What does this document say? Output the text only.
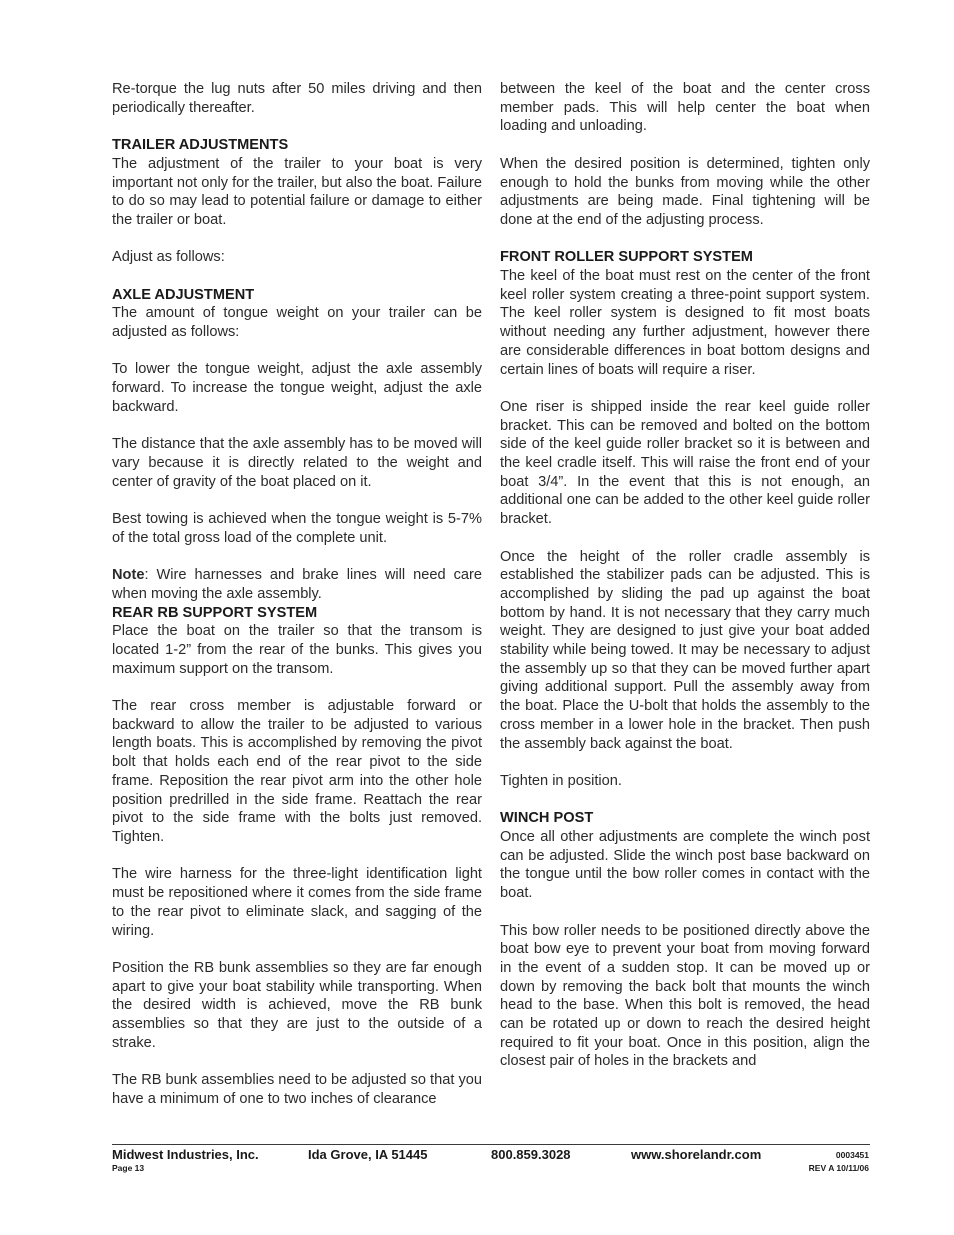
Re-torque the lug nuts after 50 miles driving and then periodically thereafter.

TRAILER ADJUSTMENTS

The adjustment of the trailer to your boat is very important not only for the trailer, but also the boat. Failure to do so may lead to potential failure or damage to either the trailer or boat.

Adjust as follows:

AXLE ADJUSTMENT

The amount of tongue weight on your trailer can be adjusted as follows:

To lower the tongue weight, adjust the axle assembly forward. To increase the tongue weight, adjust the axle backward.

The distance that the axle assembly has to be moved will vary because it is directly related to the weight and center of gravity of the boat placed on it.

Best towing is achieved when the tongue weight is 5-7% of the total gross load of the complete unit.

Note: Wire harnesses and brake lines will need care when moving the axle assembly.

REAR RB SUPPORT SYSTEM

Place the boat on the trailer so that the transom is located 1-2” from the rear of the bunks. This gives you maximum support on the transom.

The rear cross member is adjustable forward or backward to allow the trailer to be adjusted to various length boats. This is accomplished by removing the pivot bolt that holds each end of the rear pivot to the side frame. Reposition the rear pivot arm into the other hole position predrilled in the side frame. Reattach the rear pivot to the side frame with the bolts just removed. Tighten.

The wire harness for the three-light identification light must be repositioned where it comes from the side frame to the rear pivot to eliminate slack, and sagging of the wiring.

Position the RB bunk assemblies so they are far enough apart to give your boat stability while transporting. When the desired width is achieved, move the RB bunk assemblies so that they are just to the outside of a strake.

The RB bunk assemblies need to be adjusted so that you have a minimum of one to two inches of clearance

between the keel of the boat and the center cross member pads. This will help center the boat when loading and unloading.

When the desired position is determined, tighten only enough to hold the bunks from moving while the other adjustments are being made. Final tightening will be done at the end of the adjusting process.

FRONT ROLLER SUPPORT SYSTEM

The keel of the boat must rest on the center of the front keel roller system creating a three-point support system. The keel roller system is designed to fit most boats without needing any further adjustment, however there are considerable differences in boat bottom designs and certain lines of boats will require a riser.

One riser is shipped inside the rear keel guide roller bracket. This can be removed and bolted on the bottom side of the keel guide roller bracket so it is between and the keel cradle itself. This will raise the front end of your boat 3/4”. In the event that this is not enough, an additional one can be added to the other keel guide roller bracket.

Once the height of the roller cradle assembly is established the stabilizer pads can be adjusted. This is accomplished by sliding the pad up against the boat bottom by hand. It is not necessary that they carry much weight. They are designed to just give your boat added stability while being towed. It may be necessary to adjust the assembly up so that they can be moved further apart giving additional support. Pull the assembly away from the boat. Place the U-bolt that holds the assembly to the cross member in a lower hole in the bracket. Then push the assembly back against the boat.

Tighten in position.

WINCH POST

Once all other adjustments are complete the winch post can be adjusted. Slide the winch post base backward on the tongue until the bow roller comes in contact with the boat.

This bow roller needs to be positioned directly above the boat bow eye to prevent your boat from moving forward in the event of a sudden stop. It can be moved up or down by removing the back bolt that mounts the winch head to the base. When this bolt is removed, the head can be rotated up or down to reach the desired height required to fit your boat. Once in this position, align the closest pair of holes in the brackets and

Midwest Industries, Inc.	Ida Grove, IA 51445	800.859.3028	www.shorelandr.com
Page 13
0003451
REV A 10/11/06
